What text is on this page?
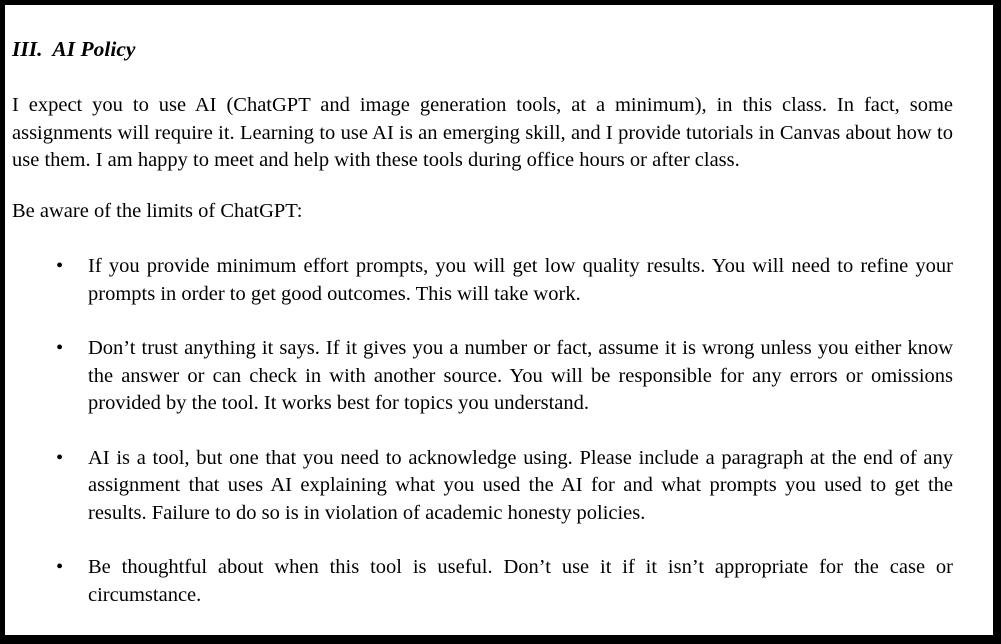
III.  AI Policy

I expect you to use AI (ChatGPT and image generation tools, at a minimum), in this class. In fact, some assignments will require it. Learning to use AI is an emerging skill, and I provide tutorials in Canvas about how to use them. I am happy to meet and help with these tools during office hours or after class.

Be aware of the limits of ChatGPT:

• If you provide minimum effort prompts, you will get low quality results. You will need to refine your prompts in order to get good outcomes. This will take work.
• Don’t trust anything it says. If it gives you a number or fact, assume it is wrong unless you either know the answer or can check in with another source. You will be responsible for any errors or omissions provided by the tool. It works best for topics you understand.
• AI is a tool, but one that you need to acknowledge using. Please include a paragraph at the end of any assignment that uses AI explaining what you used the AI for and what prompts you used to get the results. Failure to do so is in violation of academic honesty policies.
• Be thoughtful about when this tool is useful. Don’t use it if it isn’t appropriate for the case or circumstance.
